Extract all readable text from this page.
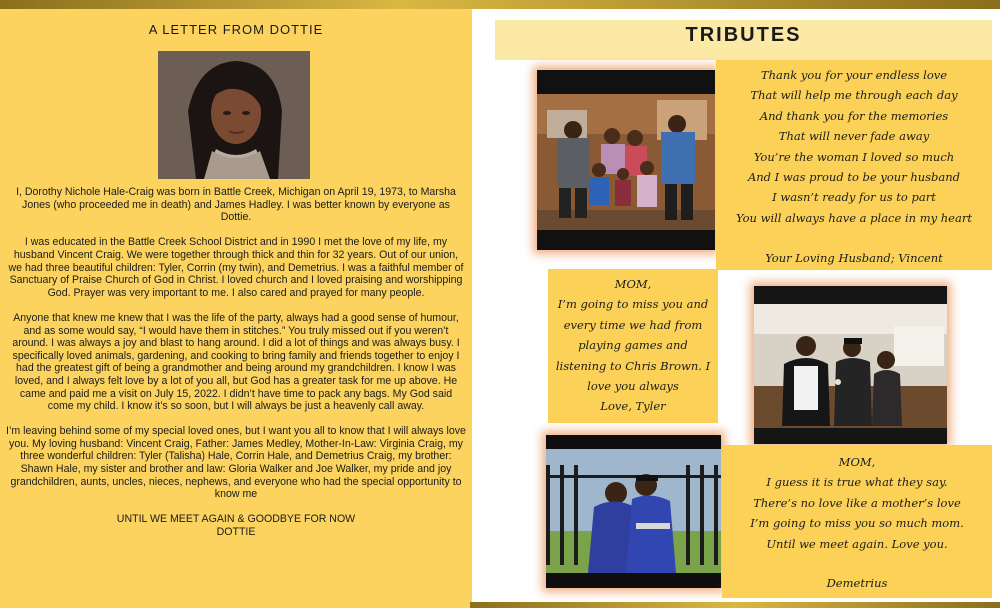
A LETTER FROM DOTTIE

I, Dorothy Nichole Hale-Craig was born in Battle Creek, Michigan on April 19, 1973, to Marsha Jones (who proceeded me in death) and James Hadley. I was better known by everyone as Dottie.

I was educated in the Battle Creek School District and in 1990 I met the love of my life, my husband Vincent Craig. We were together through thick and thin for 32 years. Out of our union, we had three beautiful children: Tyler, Corrin (my twin), and Demetrius. I was a faithful member of Sanctuary of Praise Church of God in Christ. I loved church and I loved praising and worshipping God. Prayer was very important to me. I also cared and prayed for many people.

Anyone that knew me knew that I was the life of the party, always had a good sense of humour, and as some would say, “I would have them in stitches.” You truly missed out if you weren’t around. I was always a joy and blast to hang around. I did a lot of things and was always busy. I specifically loved animals, gardening, and cooking to bring family and friends together to enjoy I had the greatest gift of being a grandmother and being around my grandchildren. I know I was loved, and I always felt love by a lot of you all, but God has a greater task for me up above. He came and paid me a visit on July 15, 2022. I didn’t have time to pack any bags. My God said come my child. I know it’s so soon, but I will always be just a heavenly call away.

I’m leaving behind some of my special loved ones, but I want you all to know that I will always love you. My loving husband: Vincent Craig, Father: James Medley, Mother-In-Law: Virginia Craig, my three wonderful children: Tyler (Talisha) Hale, Corrin Hale, and Demetrius Craig, my brother: Shawn Hale, my sister and brother and law: Gloria Walker and Joe Walker, my pride and joy grandchildren, aunts, uncles, nieces, nephews, and everyone who had the special opportunity to know me

UNTIL WE MEET AGAIN & GOODBYE FOR NOW

DOTTIE

TRIBUTES
Thank you for your endless love
That will help me through each day
And thank you for the memories
That will never fade away
You’re the woman I loved so much
And I was proud to be your husband
I wasn’t ready for us to part
You will always have a place in my heart
Your Loving Husband; Vincent
MOM,
I’m going to miss you and
every time we had from
playing games and
listening to Chris Brown. I
love you always
Love, Tyler
MOM,
I guess it is true what they say.
There’s no love like a mother’s love
I’m going to miss you so much mom.
Until we meet again. Love you.
Demetrius
